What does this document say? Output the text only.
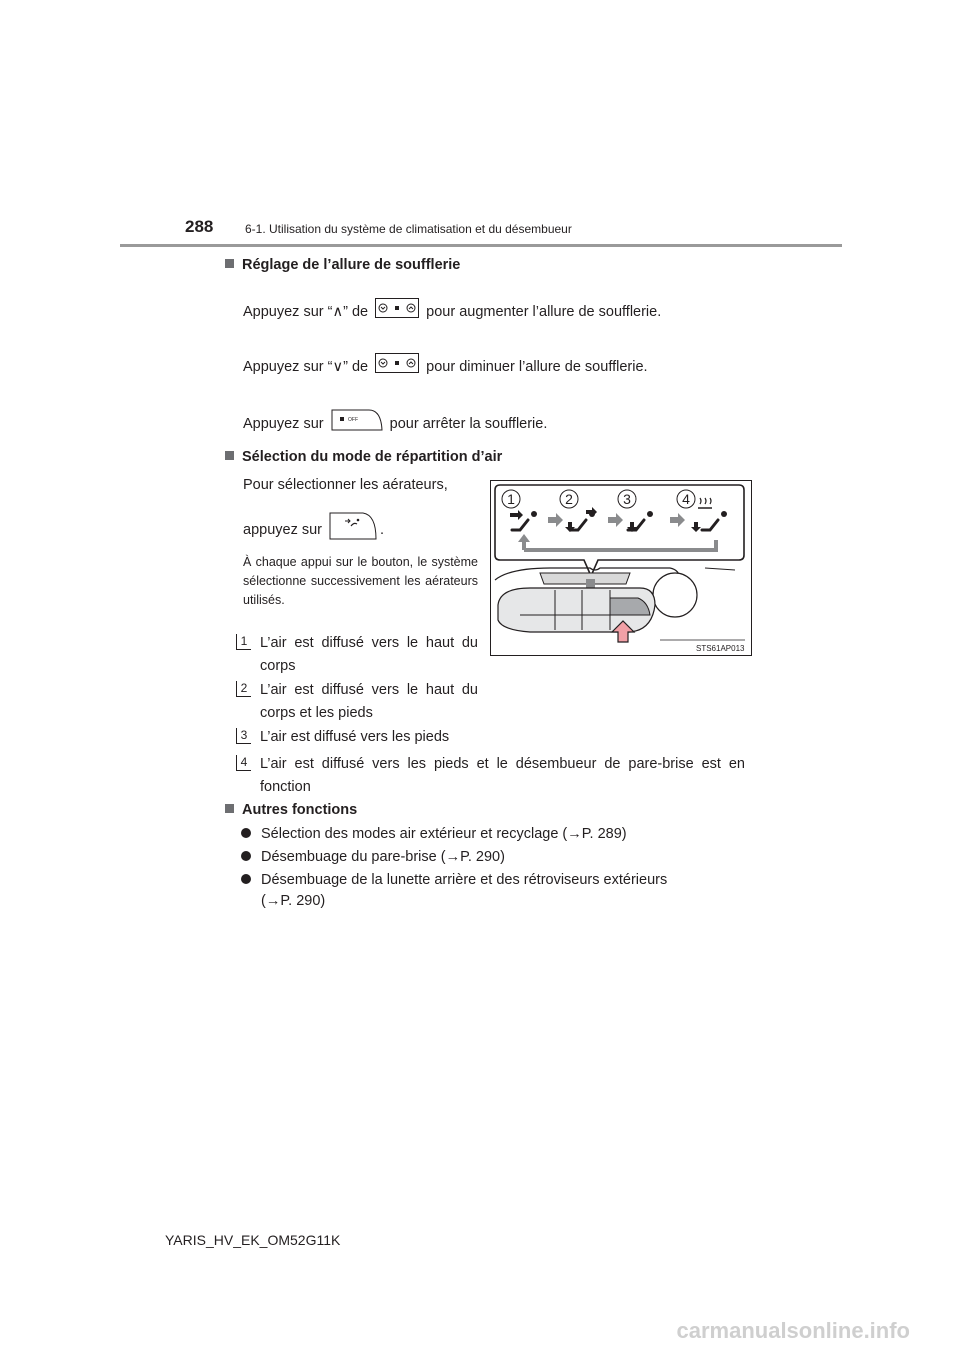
288	6-1. Utilisation du système de climatisation et du désembueur
Réglage de l’allure de soufflerie
Appuyez sur “∧” de	pour augmenter l’allure de soufflerie.
Appuyez sur “∨” de	pour diminuer l’allure de soufflerie.
Appuyez sur	OFF pour arrêter la soufflerie.
Sélection du mode de répartition d’air
Pour sélectionner les aérateurs,
appuyez sur	.
À chaque appui sur le bouton, le système sélectionne successivement les aérateurs utilisés.
1 L’air est diffusé vers le haut du corps
2 L’air est diffusé vers le haut du corps et les pieds
3 L’air est diffusé vers les pieds
4 L’air est diffusé vers les pieds et le désembueur de pare-brise est en fonction
1	2	3	4
STS61AP013
Autres fonctions
Sélection des modes air extérieur et recyclage (→P. 289)
Désembuage du pare-brise (→P. 290)
Désembuage de la lunette arrière et des rétroviseurs extérieurs
(→P. 290)
YARIS_HV_EK_OM52G11K
carmanualsonline.info
